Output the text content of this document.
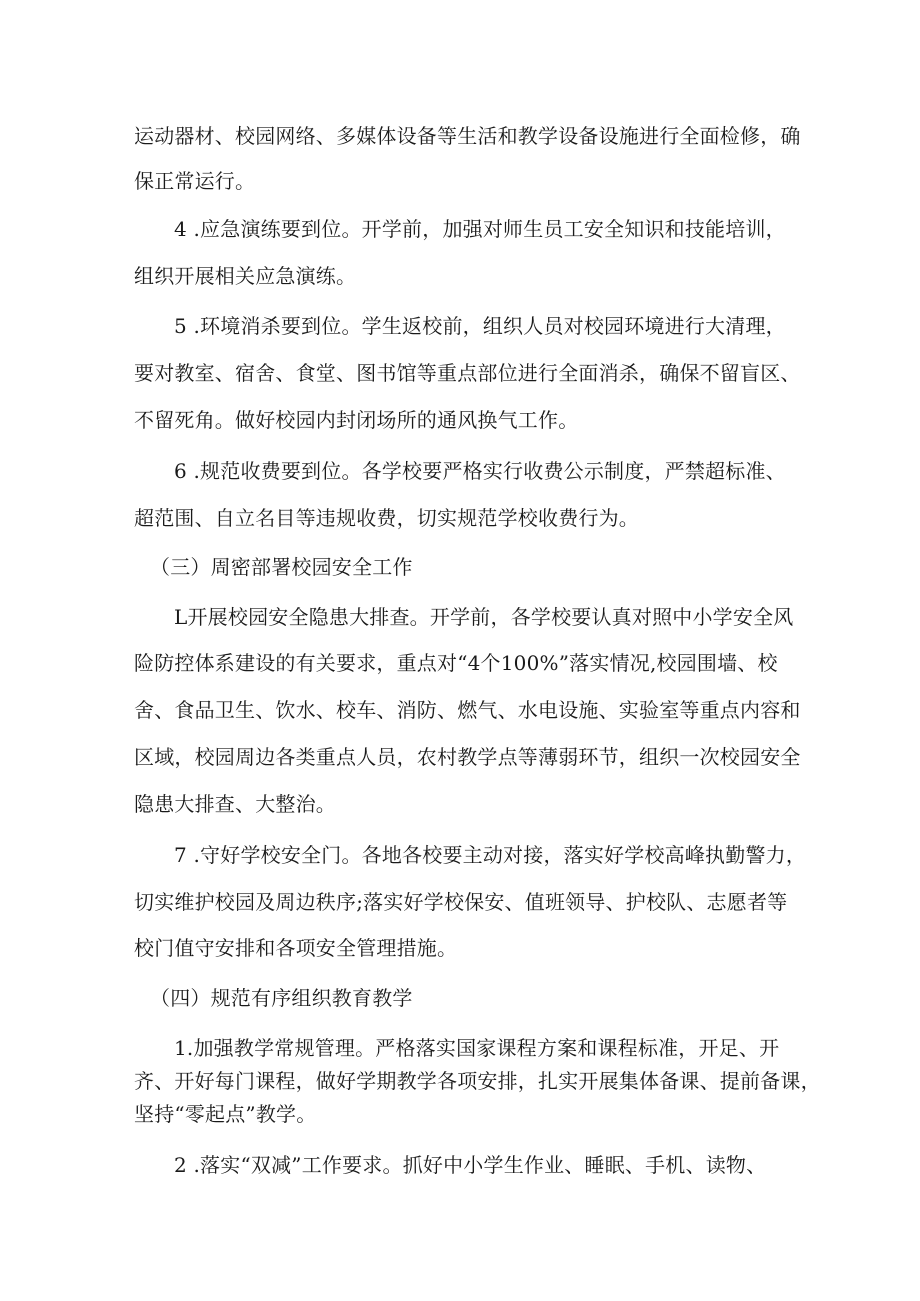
运动器材、校园网络、多媒体设备等生活和教学设备设施进行全面检修，确
保正常运行。
4 .应急演练要到位。开学前，加强对师生员工安全知识和技能培训，
组织开展相关应急演练。
5 .环境消杀要到位。学生返校前，组织人员对校园环境进行大清理，
要对教室、宿舍、食堂、图书馆等重点部位进行全面消杀，确保不留盲区、
不留死角。做好校园内封闭场所的通风换气工作。
6 .规范收费要到位。各学校要严格实行收费公示制度，严禁超标准、
超范围、自立名目等违规收费，切实规范学校收费行为。
（三）周密部署校园安全工作
L开展校园安全隐患大排查。开学前，各学校要认真对照中小学安全风
险防控体系建设的有关要求，重点对“4个100%”落实情况,校园围墙、校
舍、食品卫生、饮水、校车、消防、燃气、水电设施、实验室等重点内容和
区域，校园周边各类重点人员，农村教学点等薄弱环节，组织一次校园安全
隐患大排查、大整治。
7 .守好学校安全门。各地各校要主动对接，落实好学校高峰执勤警力，
切实维护校园及周边秩序;落实好学校保安、值班领导、护校队、志愿者等
校门值守安排和各项安全管理措施。
（四）规范有序组织教育教学
1.加强教学常规管理。严格落实国家课程方案和课程标准，开足、开
齐、开好每门课程，做好学期教学各项安排，扎实开展集体备课、提前备课，
坚持“零起点”教学。
2 .落实“双减”工作要求。抓好中小学生作业、睡眠、手机、读物、
